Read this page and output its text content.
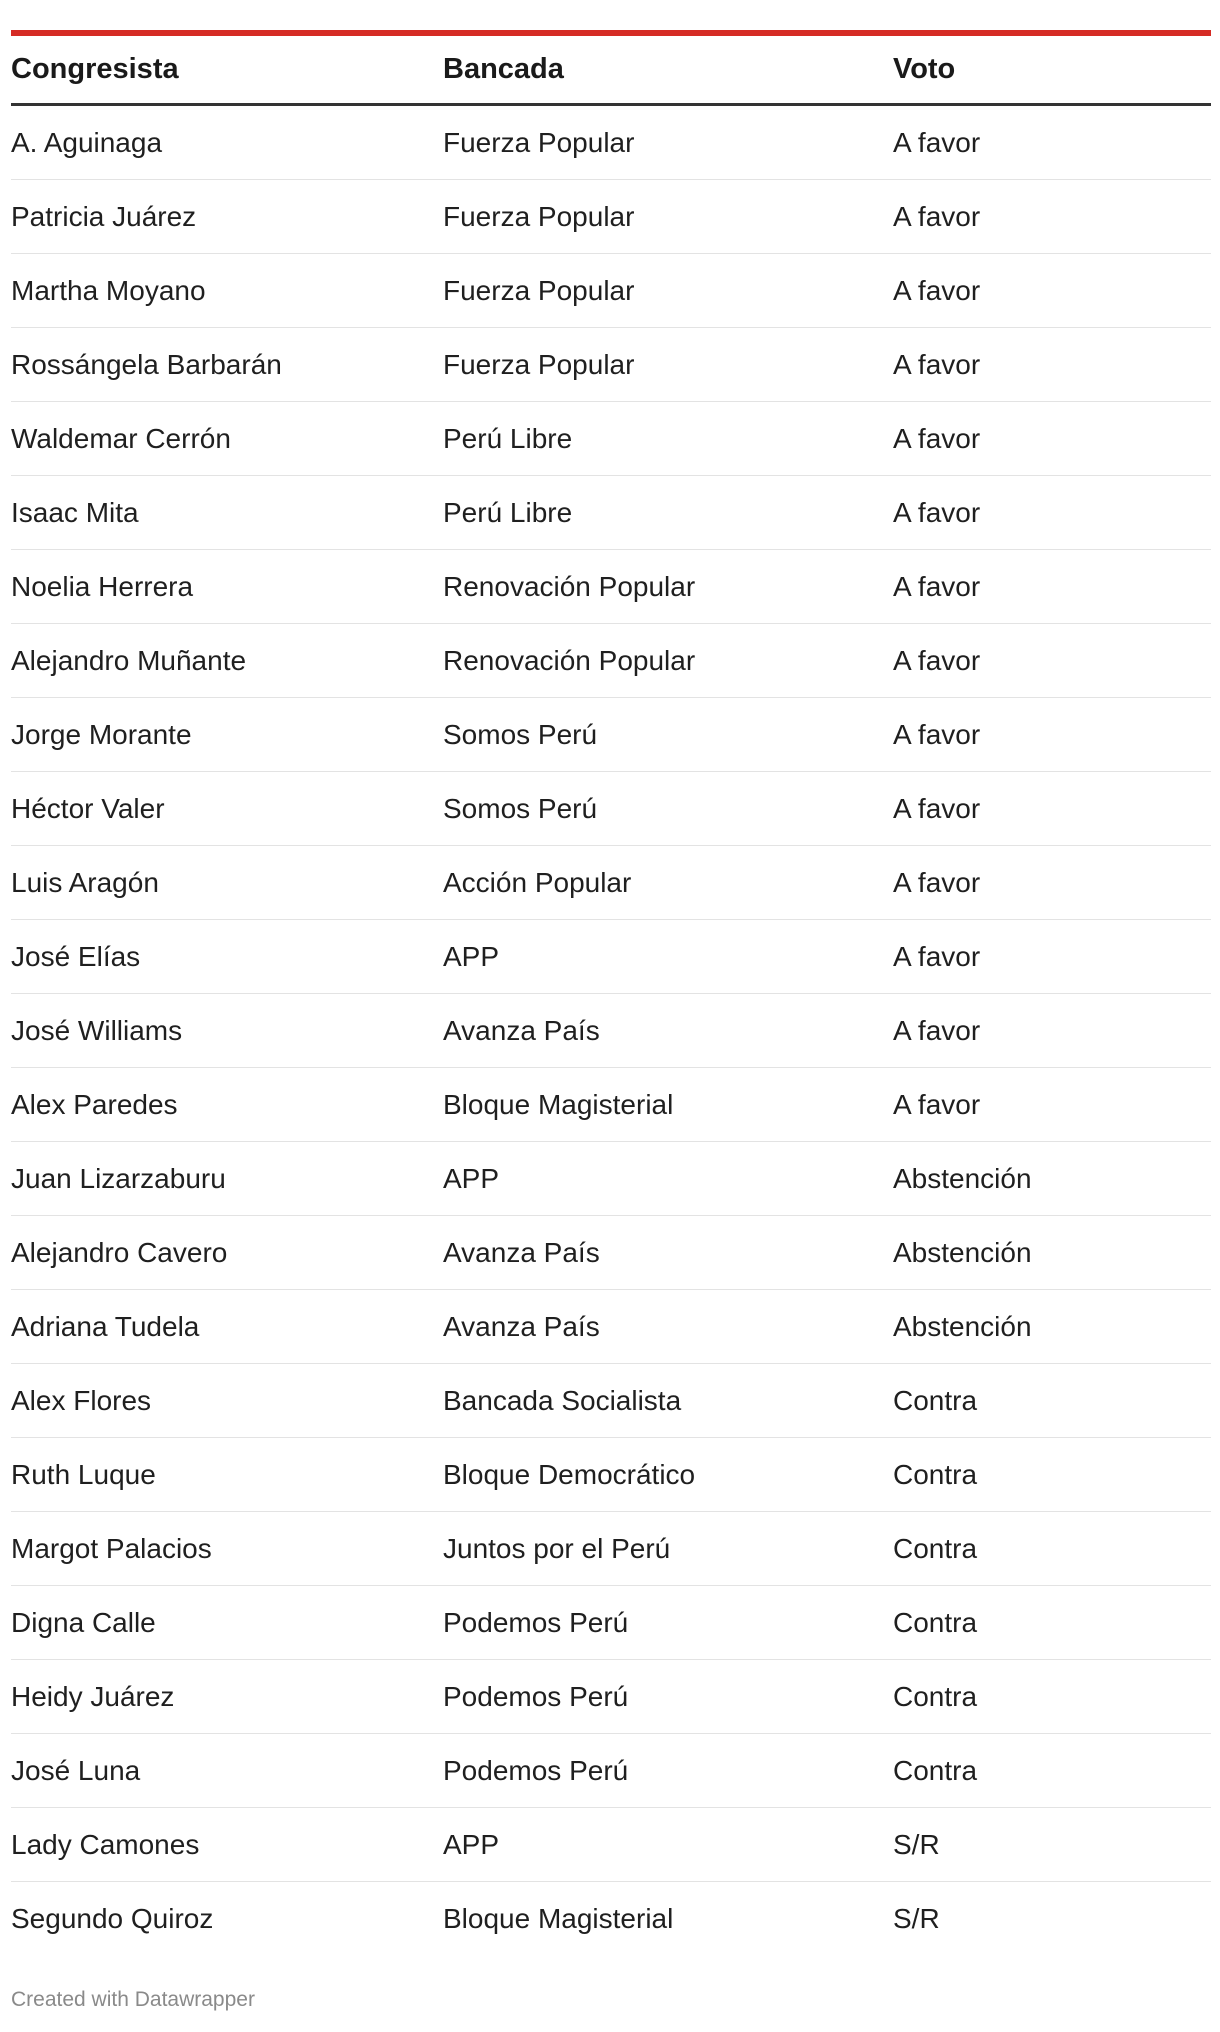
Congresista	Bancada	Voto
A. Aguinaga	Fuerza Popular	A favor
Patricia Juárez	Fuerza Popular	A favor
Martha Moyano	Fuerza Popular	A favor
Rossángela Barbarán	Fuerza Popular	A favor
Waldemar Cerrón	Perú Libre	A favor
Isaac Mita	Perú Libre	A favor
Noelia Herrera	Renovación Popular	A favor
Alejandro Muñante	Renovación Popular	A favor
Jorge Morante	Somos Perú	A favor
Héctor Valer	Somos Perú	A favor
Luis Aragón	Acción Popular	A favor
José Elías	APP	A favor
José Williams	Avanza País	A favor
Alex Paredes	Bloque Magisterial	A favor
Juan Lizarzaburu	APP	Abstención
Alejandro Cavero	Avanza País	Abstención
Adriana Tudela	Avanza País	Abstención
Alex Flores	Bancada Socialista	Contra
Ruth Luque	Bloque Democrático	Contra
Margot Palacios	Juntos por el Perú	Contra
Digna Calle	Podemos Perú	Contra
Heidy Juárez	Podemos Perú	Contra
José Luna	Podemos Perú	Contra
Lady Camones	APP	S/R
Segundo Quiroz	Bloque Magisterial	S/R
Created with Datawrapper
